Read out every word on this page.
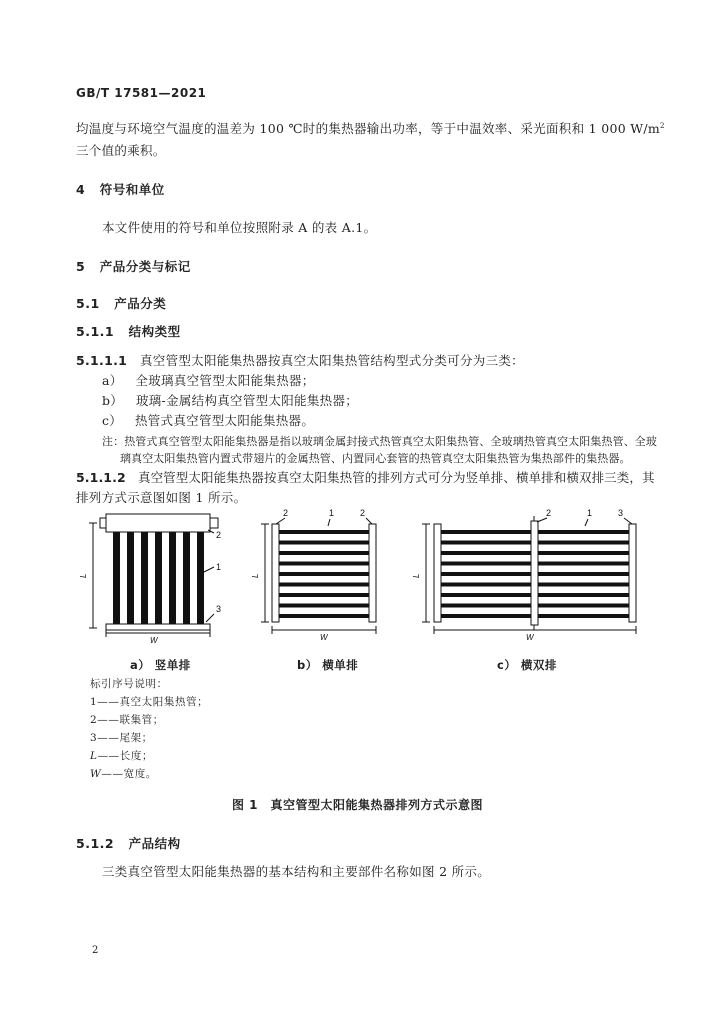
GB/T 17581—2021
均温度与环境空气温度的温差为 100 ℃时的集热器输出功率，等于中温效率、采光面积和 1 000 $W/m^2$
三个值的乘积。
4 符号和单位
本文件使用的符号和单位按照附录 A 的表 A.1。
5 产品分类与标记
5.1 产品分类
5.1.1 结构类型
5.1.1.1 真空管型太阳能集热器按真空太阳集热管结构型式分类可分为三类：
a） 全玻璃真空管型太阳能集热器；
b） 玻璃-金属结构真空管型太阳能集热器；
c） 热管式真空管型太阳能集热器。
注：热管式真空管型太阳能集热器是指以玻璃金属封接式热管真空太阳集热管、全玻璃热管真空太阳集热管、全玻
璃真空太阳集热管内置式带翅片的金属热管、内置同心套管的热管真空太阳集热管为集热部件的集热器。
5.1.1.2 真空管型太阳能集热器按真空太阳集热管的排列方式可分为竖单排、横单排和横双排三类，其
排列方式示意图如图 1 所示。
2
1
3
L
W
2	1	2
L
W
2	1	3
L
W
a） 竖单排	b） 横单排	c） 横双排
标引序号说明：
1——真空太阳集热管；
2——联集管；
3——尾架；
L——长度；
W——宽度。
图 1　真空管型太阳能集热器排列方式示意图
5.1.2 产品结构
三类真空管型太阳能集热器的基本结构和主要部件名称如图 2 所示。
2
